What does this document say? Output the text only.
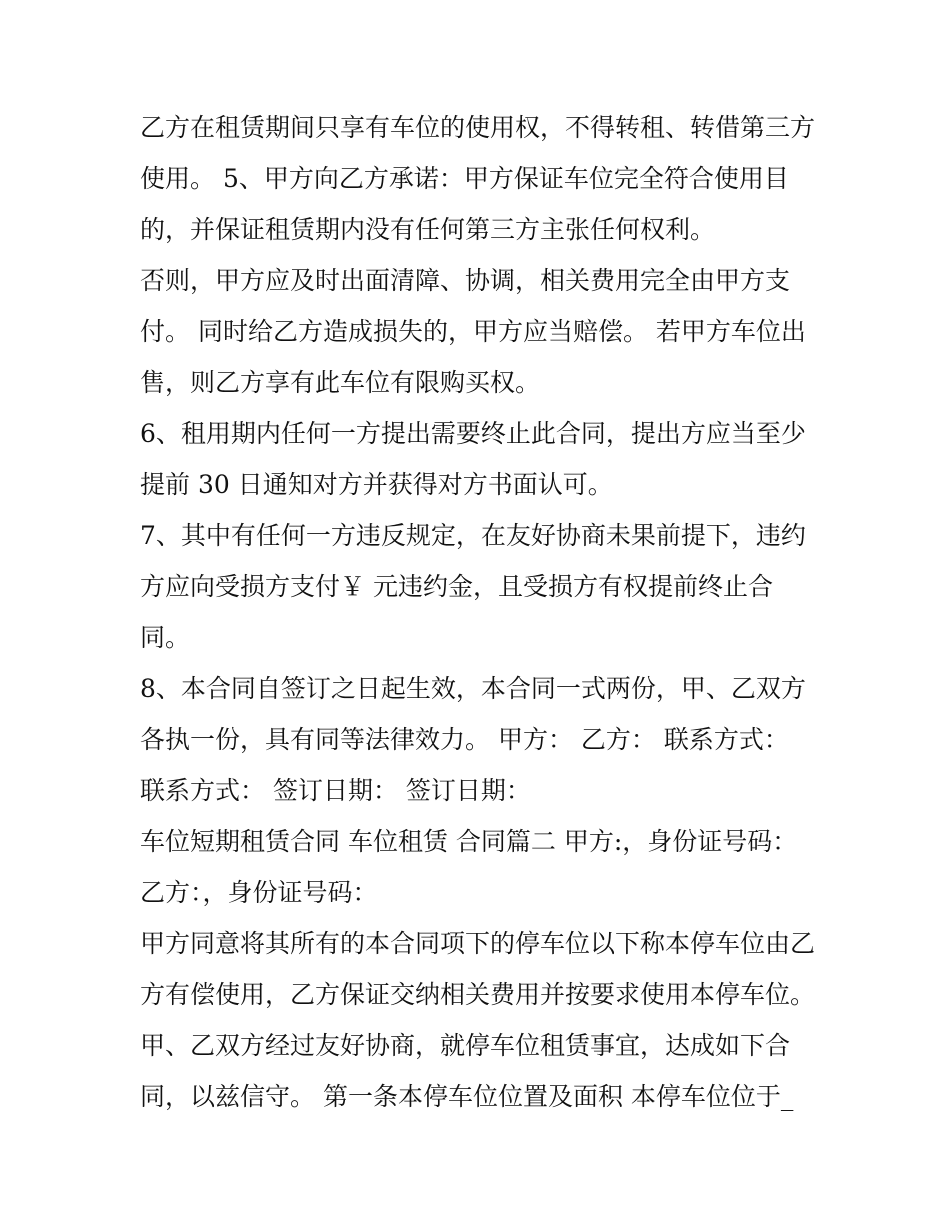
乙方在租赁期间只享有车位的使用权，不得转租、转借第三方
使用。 5、甲方向乙方承诺：甲方保证车位完全符合使用目
的，并保证租赁期内没有任何第三方主张任何权利。
否则，甲方应及时出面清障、协调，相关费用完全由甲方支
付。 同时给乙方造成损失的，甲方应当赔偿。 若甲方车位出
售，则乙方享有此车位有限购买权。
6、租用期内任何一方提出需要终止此合同，提出方应当至少
提前 30 日通知对方并获得对方书面认可。
7、其中有任何一方违反规定，在友好协商未果前提下，违约
方应向受损方支付￥ 元违约金，且受损方有权提前终止合
同。
8、本合同自签订之日起生效，本合同一式两份，甲、乙双方
各执一份，具有同等法律效力。 甲方： 乙方： 联系方式：
联系方式： 签订日期： 签订日期：
车位短期租赁合同 车位租赁 合同篇二 甲方:，身份证号码：
乙方：，身份证号码：
甲方同意将其所有的本合同项下的停车位以下称本停车位由乙
方有偿使用，乙方保证交纳相关费用并按要求使用本停车位。
甲、乙双方经过友好协商，就停车位租赁事宜，达成如下合
同，以兹信守。 第一条本停车位位置及面积 本停车位位于_
